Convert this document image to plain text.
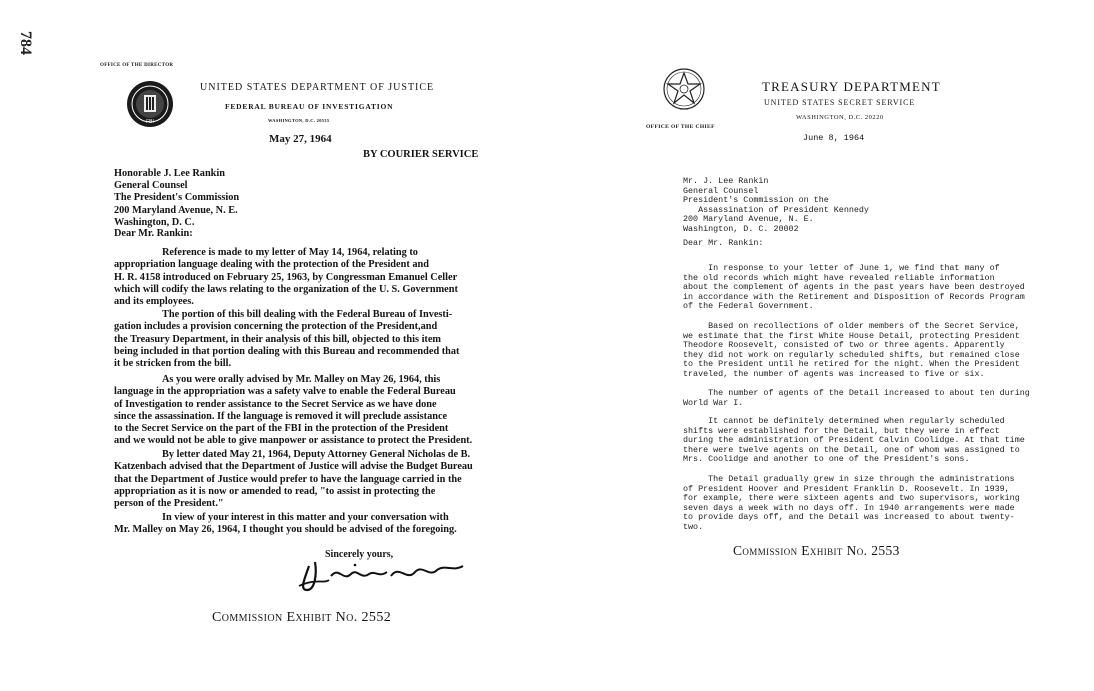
784
OFFICE OF THE DIRECTOR
FBI
UNITED STATES DEPARTMENT OF JUSTICE
FEDERAL BUREAU OF INVESTIGATION
WASHINGTON, D.C. 20535
May 27, 1964
BY COURIER SERVICE
Honorable J. Lee Rankin
General Counsel
The President's Commission
200 Maryland Avenue, N. E.
Washington, D. C.
Dear Mr. Rankin:
Reference is made to my letter of May 14, 1964, relating to
appropriation language dealing with the protection of the President and
H. R. 4158 introduced on February 25, 1963, by Congressman Emanuel Celler
which will codify the laws relating to the organization of the U. S. Government
and its employees.
The portion of this bill dealing with the Federal Bureau of Investi-
gation includes a provision concerning the protection of the President,and
the Treasury Department, in their analysis of this bill, objected to this item
being included in that portion dealing with this Bureau and recommended that
it be stricken from the bill.
As you were orally advised by Mr. Malley on May 26, 1964, this
language in the appropriation was a safety valve to enable the Federal Bureau
of Investigation to render assistance to the Secret Service as we have done
since the assassination. If the language is removed it will preclude assistance
to the Secret Service on the part of the FBI in the protection of the President
and we would not be able to give manpower or assistance to protect the President.
By letter dated May 21, 1964, Deputy Attorney General Nicholas de B.
Katzenbach advised that the Department of Justice will advise the Budget Bureau
that the Department of Justice would prefer to have the language carried in the
appropriation as it is now or amended to read, "to assist in protecting the
person of the President."
In view of your interest in this matter and your conversation with
Mr. Malley on May 26, 1964, I thought you should be advised of the foregoing.
Sincerely yours,
Commission Exhibit No. 2552
TREASURY DEPARTMENT
UNITED STATES SECRET SERVICE
WASHINGTON, D.C. 20220
OFFICE OF THE CHIEF
June 8, 1964
Mr. J. Lee Rankin
General Counsel
President's Commission on the
Assassination of President Kennedy
200 Maryland Avenue, N. E.
Washington, D. C. 20002
Dear Mr. Rankin:
In response to your letter of June 1, we find that many of
the old records which might have revealed reliable information
about the complement of agents in the past years have been destroyed
in accordance with the Retirement and Disposition of Records Program
of the Federal Government.
Based on recollections of older members of the Secret Service,
we estimate that the first White House Detail, protecting President
Theodore Roosevelt, consisted of two or three agents. Apparently
they did not work on regularly scheduled shifts, but remained close
to the President until he retired for the night. When the President
traveled, the number of agents was increased to five or six.
The number of agents of the Detail increased to about ten during
World War I.
It cannot be definitely determined when regularly scheduled
shifts were established for the Detail, but they were in effect
during the administration of President Calvin Coolidge. At that time
there were twelve agents on the Detail, one of whom was assigned to
Mrs. Coolidge and another to one of the President's sons.
The Detail gradually grew in size through the administrations
of President Hoover and President Franklin D. Roosevelt. In 1939,
for example, there were sixteen agents and two supervisors, working
seven days a week with no days off. In 1940 arrangements were made
to provide days off, and the Detail was increased to about twenty-
two.
Commission Exhibit No. 2553
